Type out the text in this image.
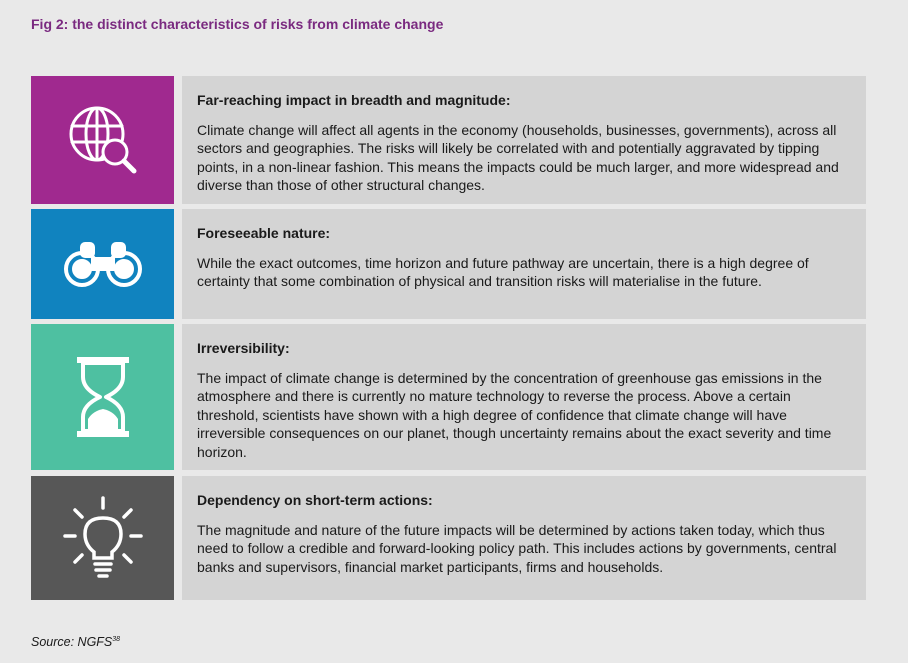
Fig 2: the distinct characteristics of risks from climate change

Far-reaching impact in breadth and magnitude:

Climate change will affect all agents in the economy (households, businesses, governments), across all sectors and geographies. The risks will likely be correlated with and potentially aggravated by tipping points, in a non-linear fashion. This means the impacts could be much larger, and more widespread and diverse than those of other structural changes.

Foreseeable nature:

While the exact outcomes, time horizon and future pathway are uncertain, there is a high degree of certainty that some combination of physical and transition risks will materialise in the future.

Irreversibility:

The impact of climate change is determined by the concentration of greenhouse gas emissions in the atmosphere and there is currently no mature technology to reverse the process. Above a certain threshold, scientists have shown with a high degree of confidence that climate change will have irreversible consequences on our planet, though uncertainty remains about the exact severity and time horizon.

Dependency on short-term actions:

The magnitude and nature of the future impacts will be determined by actions taken today, which thus need to follow a credible and forward-looking policy path. This includes actions by governments, central banks and supervisors, financial market participants, firms and households.

Source: NGFS$^{38}$
